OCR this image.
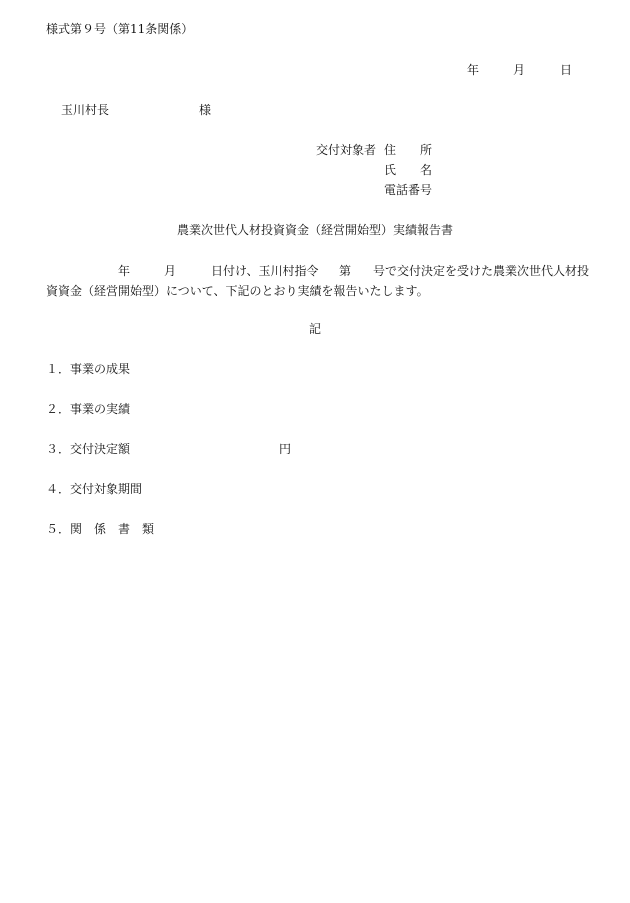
様式第９号（第11条関係）

年

	月

	日

玉川村長	様
交付対象者 住　　所
氏　　名
電話番号
農業次世代人材投資資金（経営開始型）実績報告書

年

	月

	日付け、玉川村指令

第

号で交付決定を受けた農業次世代人材投

資資金（経営開始型）について、下記のとおり実績を報告いたします。
記
１．事業の成果
２．事業の実績
３．交付決定額	円
４．交付対象期間
５．関　係　書　類
